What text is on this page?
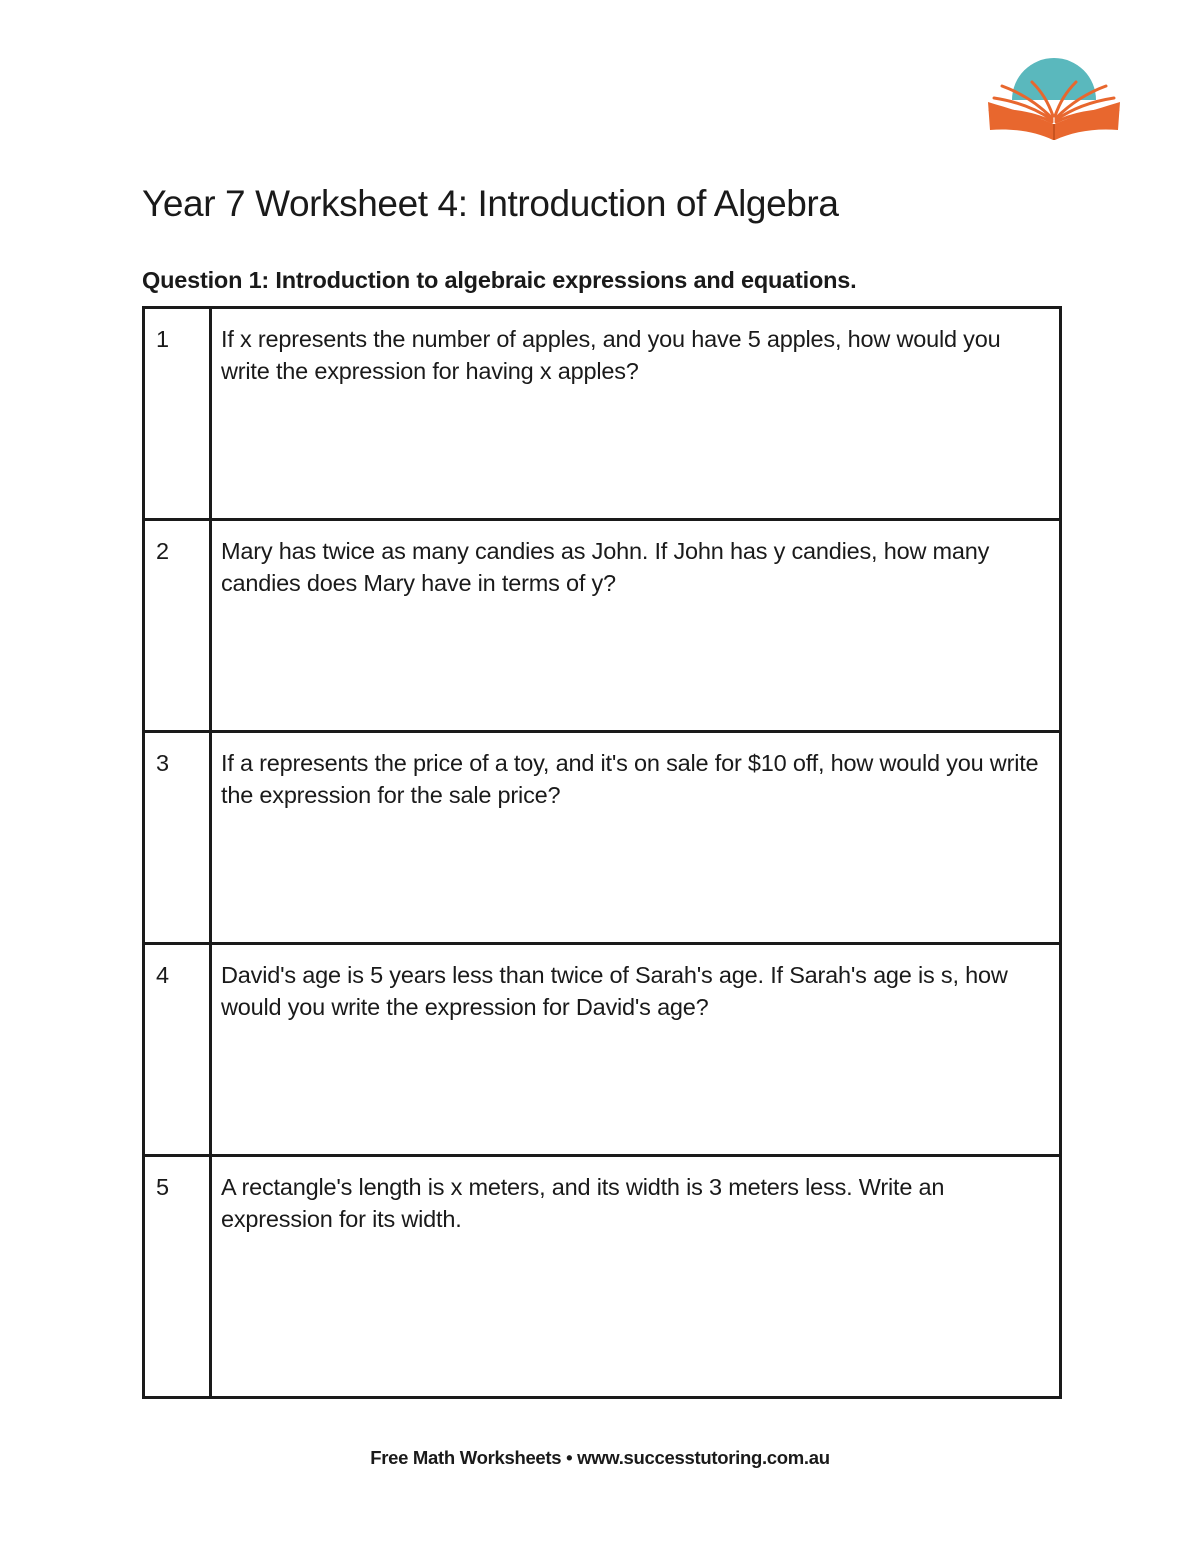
Year 7 Worksheet 4: Introduction of Algebra
Question 1: Introduction to algebraic expressions and equations.
1	If x represents the number of apples, and you have 5 apples, how would you write the expression for having x apples?
2	Mary has twice as many candies as John. If John has y candies, how many candies does Mary have in terms of y?
3	If a represents the price of a toy, and it's on sale for $10 off, how would you write the expression for the sale price?
4	David's age is 5 years less than twice of Sarah's age. If Sarah's age is s, how would you write the expression for David's age?
5	A rectangle's length is x meters, and its width is 3 meters less. Write an expression for its width.
Free Math Worksheets • www.successtutoring.com.au
